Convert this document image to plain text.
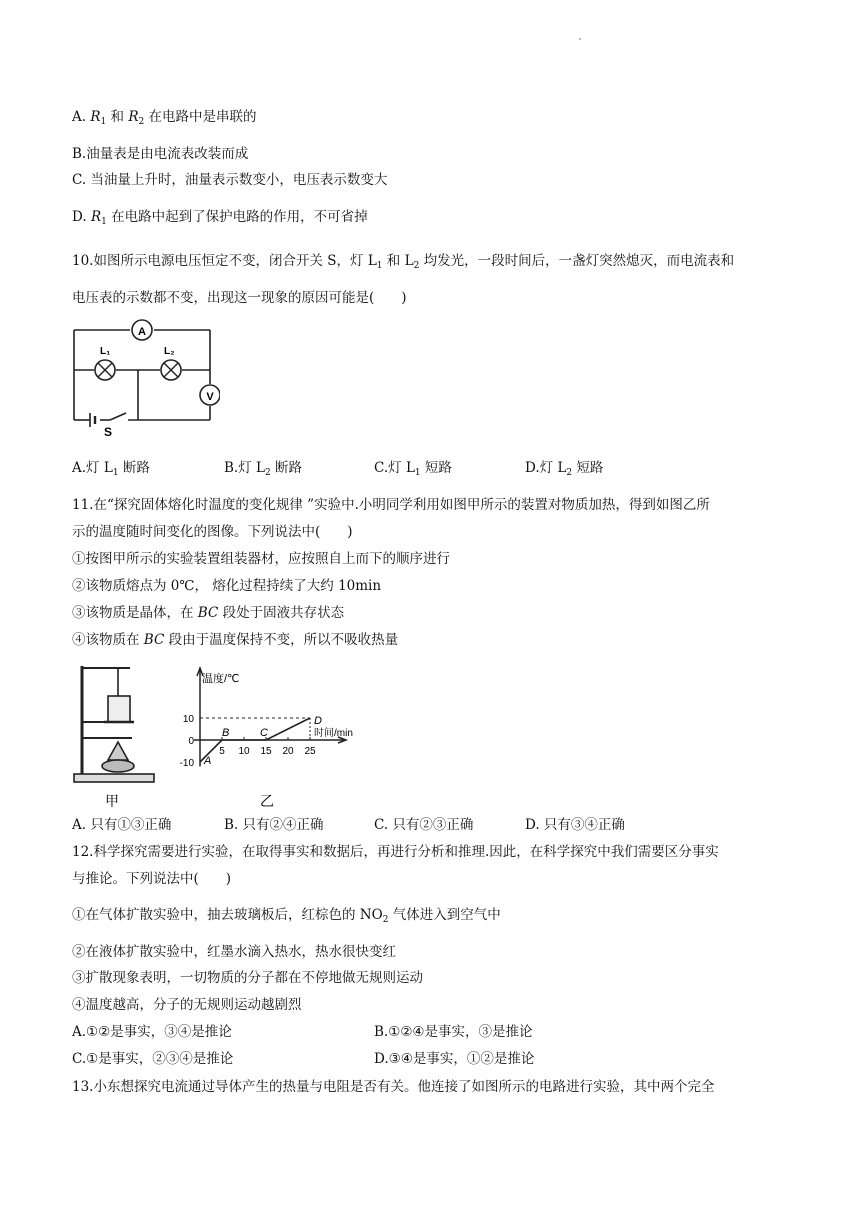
A. $R_1$ 和 $R_2$ 在电路中是串联的
B.油量表是由电流表改装而成
C. 当油量上升时，油量表示数变小，电压表示数变大
D. $R_1$ 在电路中起到了保护电路的作用，不可省掉
10.如图所示电源电压恒定不变，闭合开关 S，灯 $L_1$ 和 $L_2$ 均发光，一段时间后，一盏灯突然熄灭，而电流表和
电压表的示数都不变，出现这一现象的原因可能是(　　)
A
L₁	L₂
V
S
A.灯 $L_1$ 断路	B.灯 $L_2$ 断路	C.灯 $L_1$ 短路	D.灯 $L_2$ 短路
11.在“探究固体熔化时温度的变化规律 ”实验中.小明同学利用如图甲所示的装置对物质加热，得到如图乙所
示的温度随时间变化的图像。下列说法中(　　)
①按图甲所示的实验装置组装器材，应按照自上而下的顺序进行
②该物质熔点为 0℃， 熔化过程持续了大约 10min
③该物质是晶体，在 BC 段处于固液共存状态
④该物质在 BC 段由于温度保持不变，所以不吸收热量
甲
温度/℃
5 10 15 20 25
10
0
-10
时间/min
A
B	C
D
乙
A. 只有①③正确	B. 只有②④正确	C. 只有②③正确	D. 只有③④正确
12.科学探究需要进行实验，在取得事实和数据后，再进行分析和推理.因此，在科学探究中我们需要区分事实
与推论。下列说法中(　　)
①在气体扩散实验中，抽去玻璃板后，红棕色的 $NO_2$ 气体进入到空气中
②在液体扩散实验中，红墨水滴入热水，热水很快变红
③扩散现象表明，一切物质的分子都在不停地做无规则运动
④温度越高，分子的无规则运动越剧烈
A.①②是事实，③④是推论	B.①②④是事实，③是推论
C.①是事实，②③④是推论	D.③④是事实，①②是推论
13.小东想探究电流通过导体产生的热量与电阻是否有关。他连接了如图所示的电路进行实验，其中两个完全
